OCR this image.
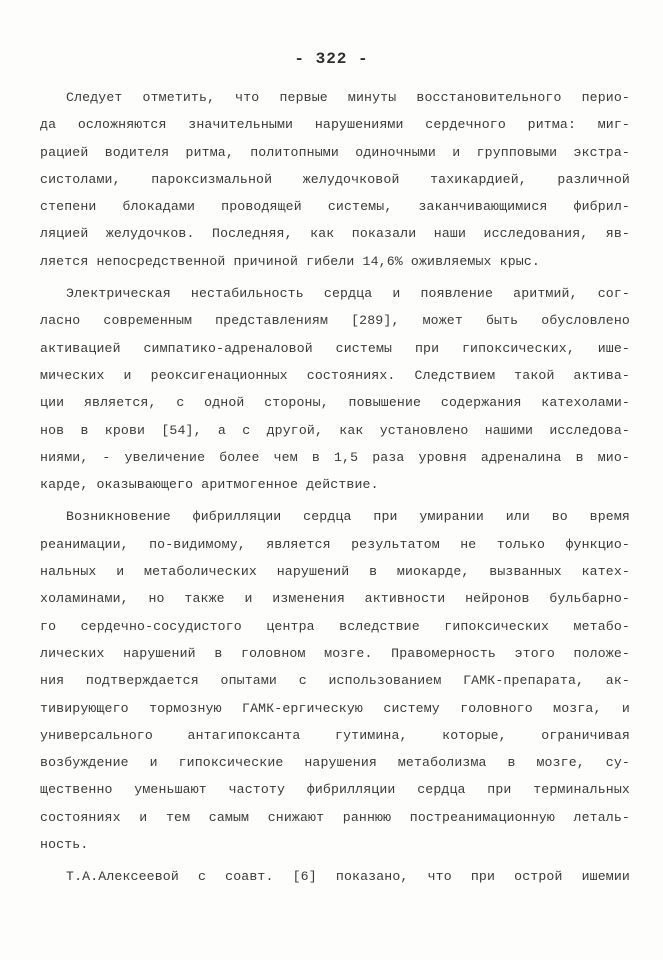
- 322 -
Следует отметить, что первые минуты восстановительного перио-
да осложняются значительными нарушениями сердечного ритма: миг-
рацией водителя ритма, политопными одиночными и групповыми экстра-
систолами, пароксизмальной желудочковой тахикардией, различной
степени блокадами проводящей системы, заканчивающимися фибрил-
ляцией желудочков. Последняя, как показали наши исследования, яв-
ляется непосредственной причиной гибели 14,6% оживляемых крыс.
Электрическая нестабильность сердца и появление аритмий, сог-
ласно современным представлениям [289], может быть обусловлено
активацией симпатико-адреналовой системы при гипоксических, ише-
мических и реоксигенационных состояниях. Следствием такой актива-
ции является, с одной стороны, повышение содержания катехолами-
нов в крови [54], а с другой, как установлено нашими исследова-
ниями, - увеличение более чем в 1,5 раза уровня адреналина в мио-
карде, оказывающего аритмогенное действие.
Возникновение фибрилляции сердца при умирании или во время
реанимации, по-видимому, является результатом не только функцио-
нальных и метаболических нарушений в миокарде, вызванных катех-
холаминами, но также и изменения активности нейронов бульбарно-
го сердечно-сосудистого центра вследствие гипоксических метабо-
лических нарушений в головном мозге. Правомерность этого положе-
ния подтверждается опытами с использованием ГАМК-препарата, ак-
тивирующего тормозную ГАМК-ергическую систему головного мозга, и
универсального антагипоксанта гутимина, которые, ограничивая
возбуждение и гипоксические нарушения метаболизма в мозге, су-
щественно уменьшают частоту фибрилляции сердца при терминальных
состояниях и тем самым снижают раннюю постреанимационную леталь-
ность.
Т.А.Алексеевой с соавт. [6] показано, что при острой ишемии
